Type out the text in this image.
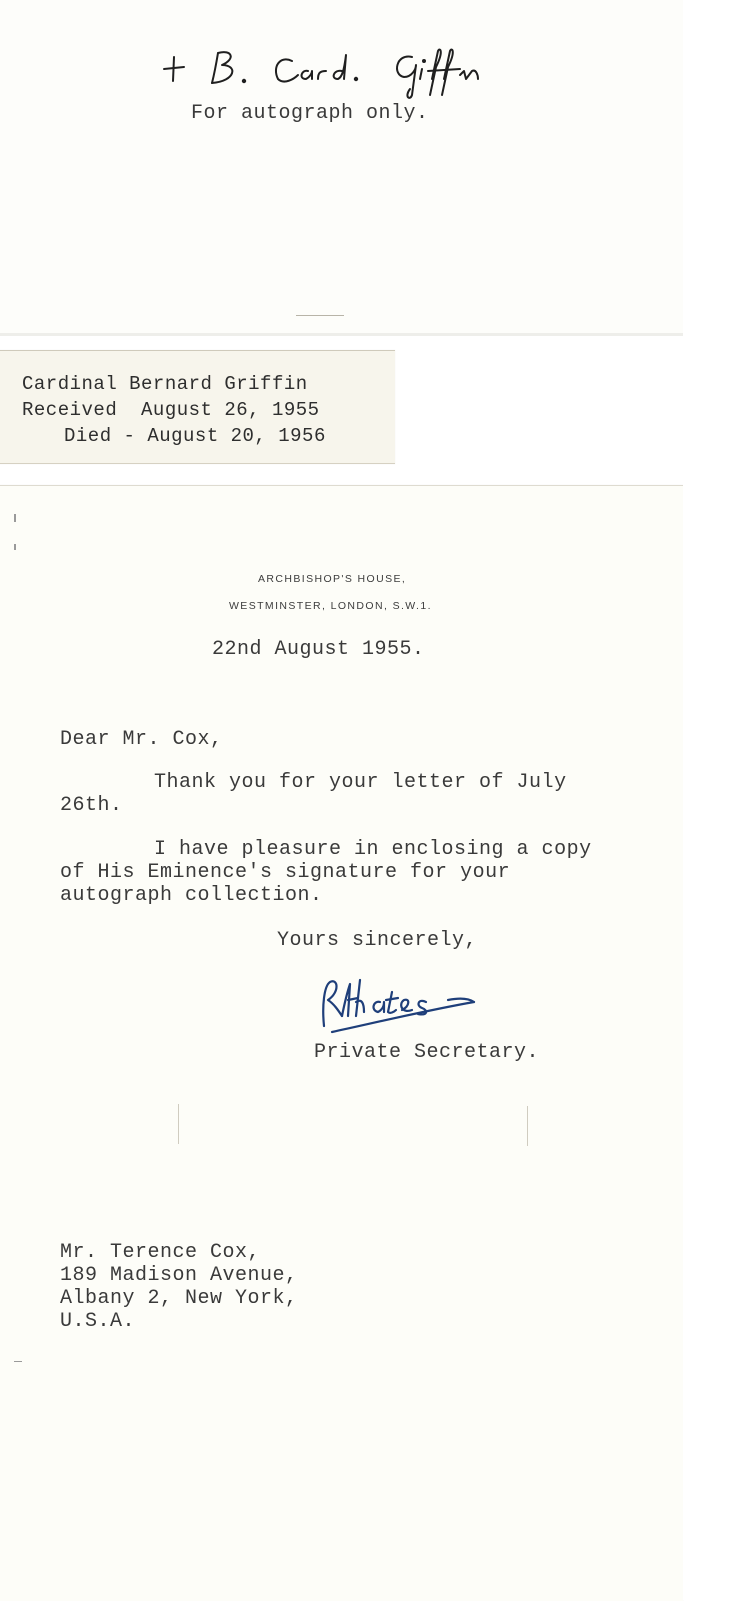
For autograph only.
Cardinal Bernard Griffin
Received  August 26, 1955
Died - August 20, 1956
ARCHBISHOP'S HOUSE,
WESTMINSTER, LONDON, S.W.1.
22nd August 1955.
Dear Mr. Cox,
Thank you for your letter of July
26th.
I have pleasure in enclosing a copy
of His Eminence's signature for your
autograph collection.
Yours sincerely,
Private Secretary.
Mr. Terence Cox,
189 Madison Avenue,
Albany 2, New York,
U.S.A.
